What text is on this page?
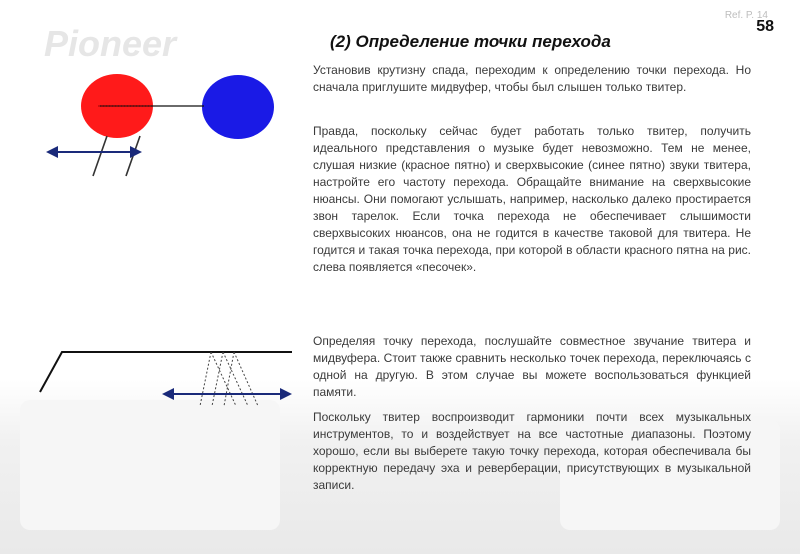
Pioneer
Ref. P. 14
58
(2) Определение точки перехода

Установив крутизну спада, переходим к определению точки перехода. Но сначала приглушите мидвуфер, чтобы был слышен только твитер.

Правда, поскольку сейчас будет работать только твитер, получить идеального представления о музыке будет невозможно. Тем не менее, слушая низкие (красное пятно) и сверхвысокие (синее пятно) звуки твитера, настройте его частоту перехода. Обращайте внимание на сверхвысокие нюансы. Они помогают услышать, например, насколько далеко простирается звон тарелок. Если точка перехода не обеспечивает слышимости сверхвысоких нюансов, она не годится в качестве таковой для твитера. Не годится и такая точка перехода, при которой в области красного пятна на рис. слева появляется «песочек».

Определяя точку перехода, послушайте совместное звучание твитера и мидвуфера. Стоит также сравнить несколько точек перехода, переключаясь с одной на другую. В этом случае вы можете воспользоваться функцией памяти.

Поскольку твитер воспроизводит гармоники почти всех музыкальных инструментов, то и воздействует на все частотные диапазоны. Поэтому хорошо, если вы выберете такую точку перехода, которая обеспечивала бы корректную передачу эха и реверберации, присутствующих в музыкальной записи.
